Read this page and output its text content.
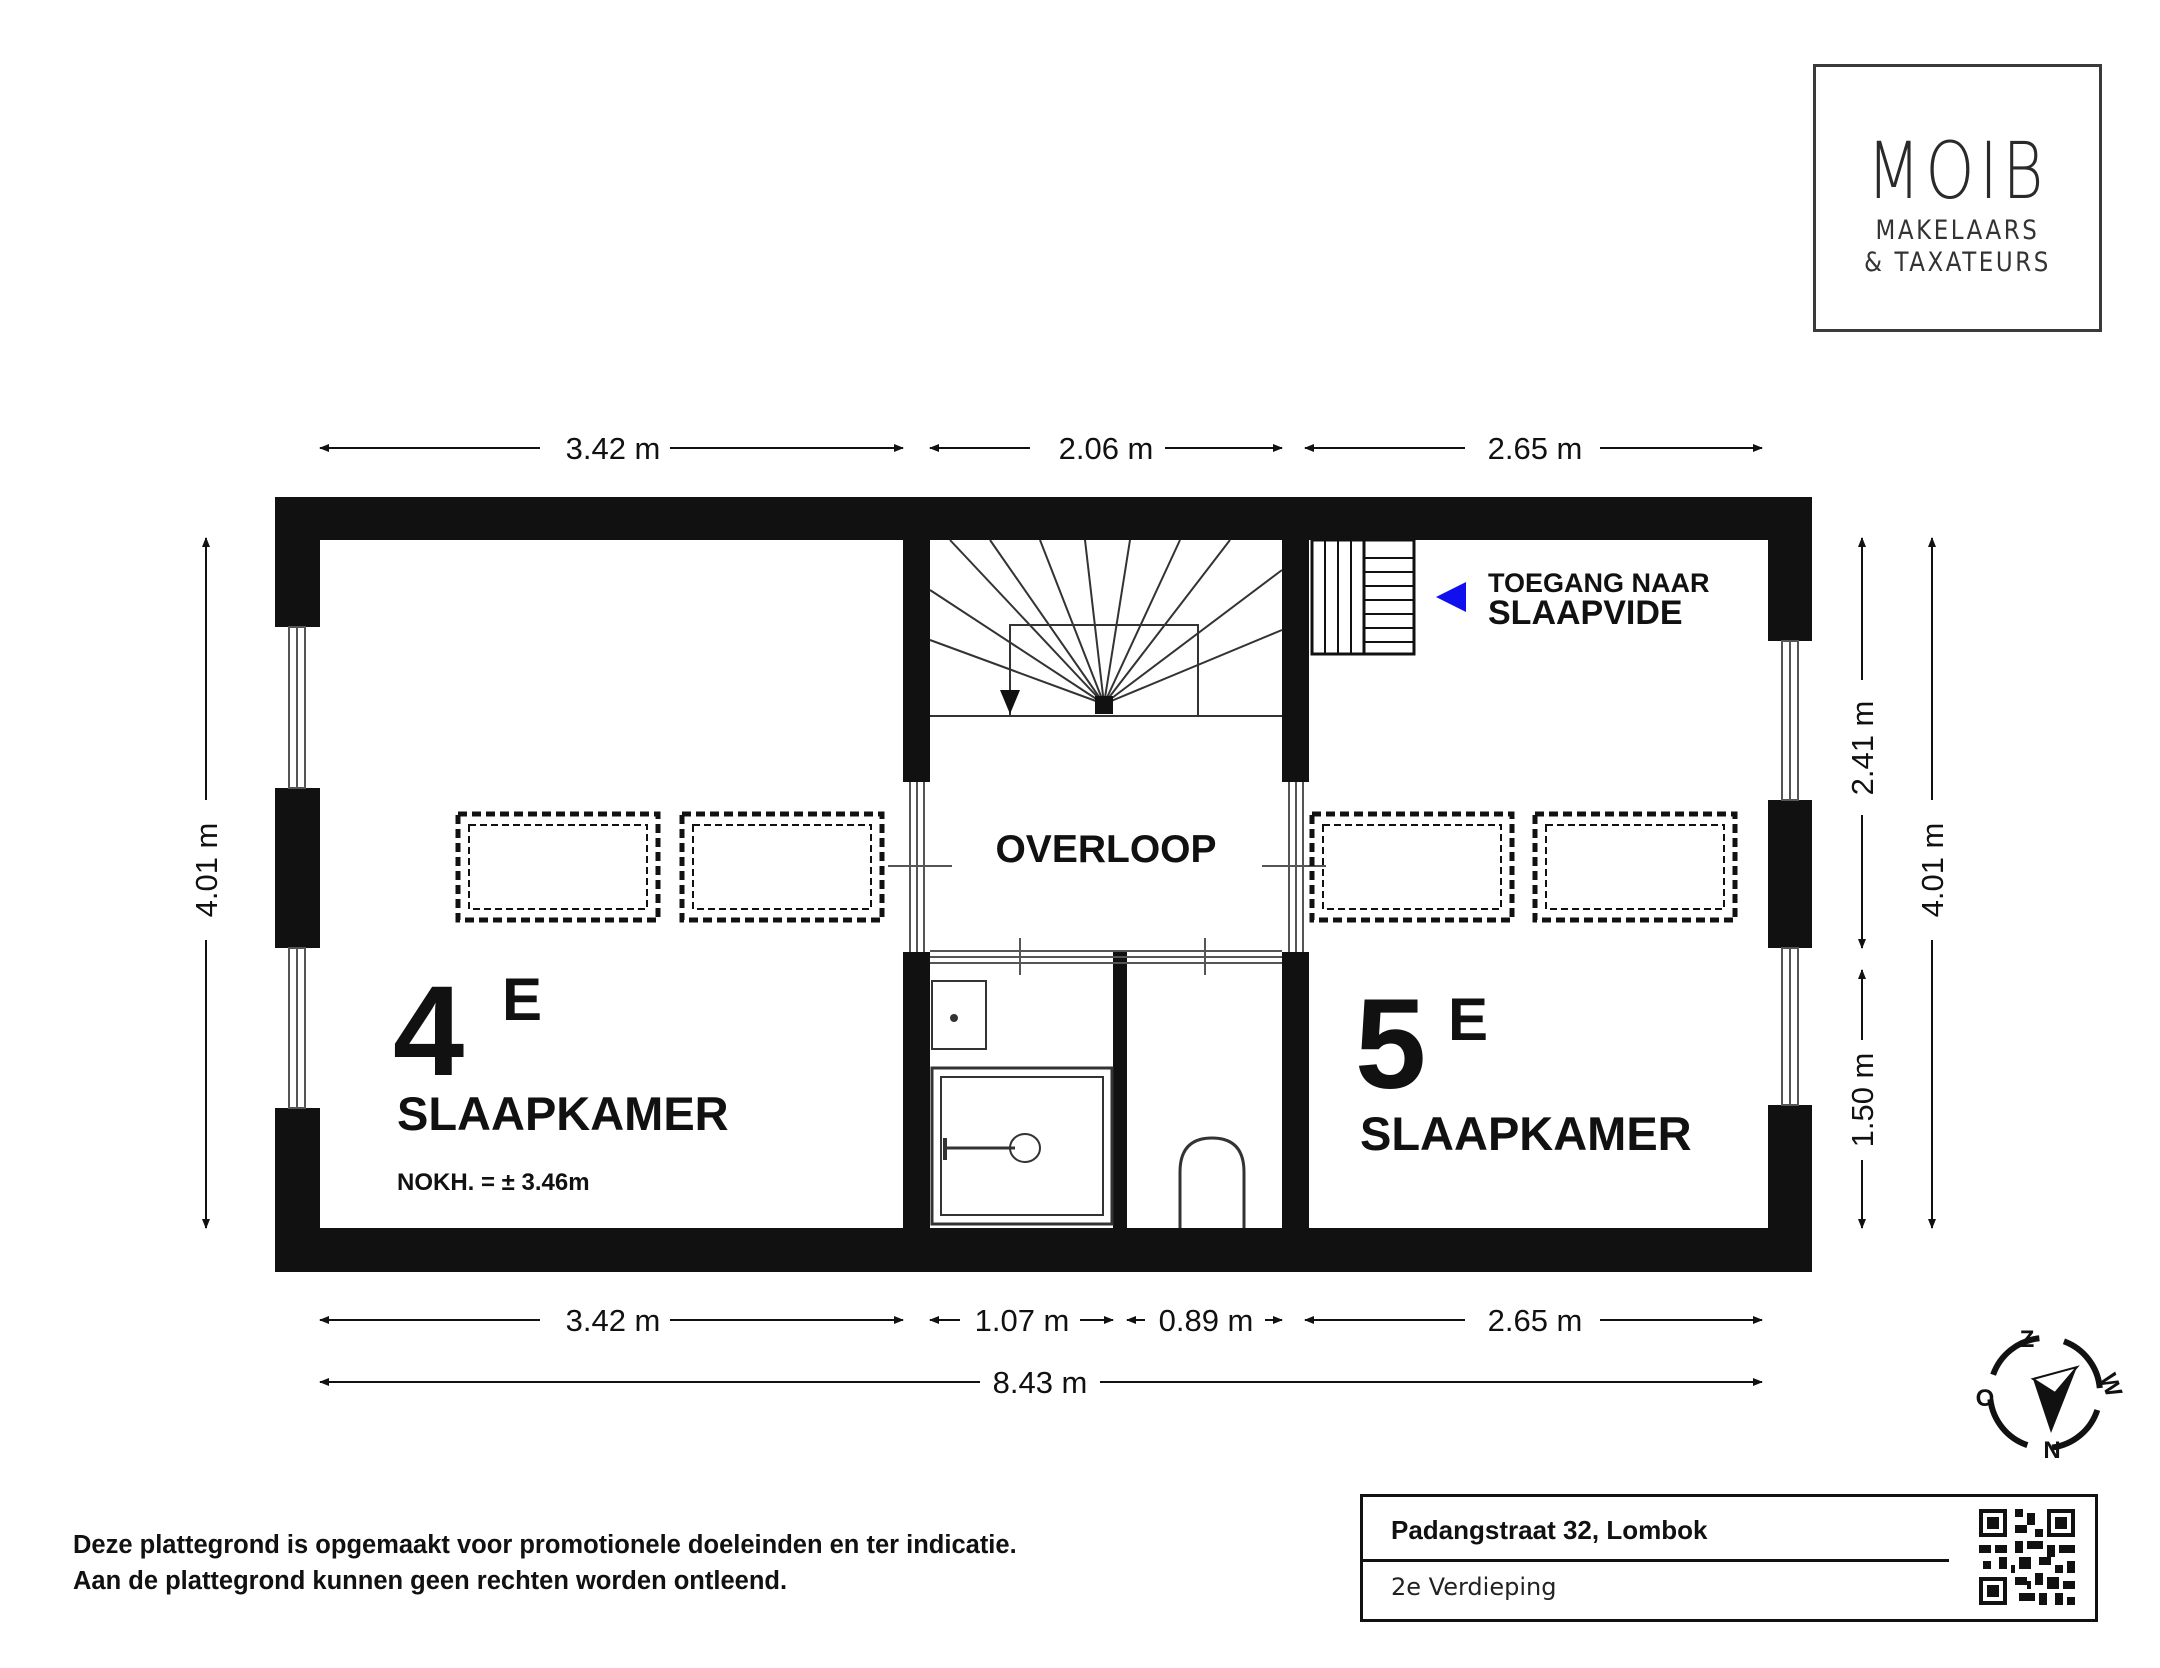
MOIB
MAKELAARS
& TAXATEURS
3.42 m	2.06 m	2.65 m
3.42 m	1.07 m	0.89 m	2.65 m
8.43 m
4.01 m
2.41 m
1.50 m
4.01 m
4 E
SLAAPKAMER
NOKH. = ± 3.46m
5 E
SLAAPKAMER
OVERLOOP
TOEGANG NAAR
SLAAPVIDE
Z
N
O	W
Deze plattegrond is opgemaakt voor promotionele doeleinden en ter indicatie.
Aan de plattegrond kunnen geen rechten worden ontleend.
Padangstraat 32, Lombok
2e Verdieping
